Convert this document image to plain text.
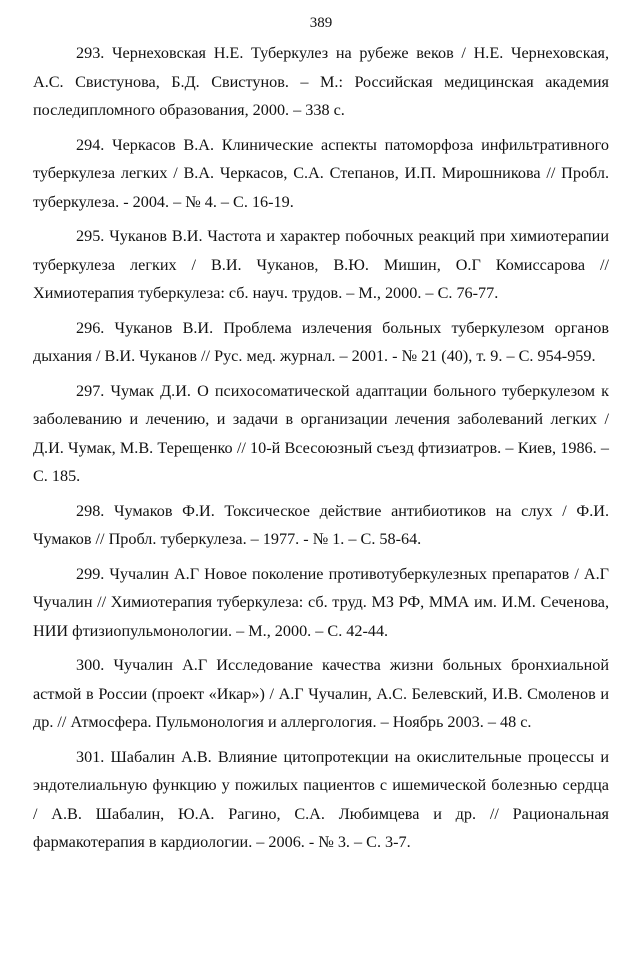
389

293. Чернеховская Н.Е. Туберкулез на рубеже веков / Н.Е. Чернеховская, А.С. Свистунова, Б.Д. Свистунов. – М.: Российская медицинская академия последипломного образования, 2000. – 338 с.

294. Черкасов В.А. Клинические аспекты патоморфоза инфильтративного туберкулеза легких / В.А. Черкасов, С.А. Степанов, И.П. Мирошникова // Пробл. туберкулеза. - 2004. – № 4. – С. 16-19.

295. Чуканов В.И. Частота и характер побочных реакций при химиотерапии туберкулеза легких / В.И. Чуканов, В.Ю. Мишин, О.Г Комиссарова // Химиотерапия туберкулеза: сб. науч. трудов. – М., 2000. – С. 76-77.

296. Чуканов В.И. Проблема излечения больных туберкулезом органов дыхания / В.И. Чуканов // Рус. мед. журнал. – 2001. - № 21 (40), т. 9. – С. 954-959.

297. Чумак Д.И. О психосоматической адаптации больного туберкулезом к заболеванию и лечению, и задачи в организации лечения заболеваний легких / Д.И. Чумак, М.В. Терещенко // 10-й Всесоюзный съезд фтизиатров. – Киев, 1986. – С. 185.

298. Чумаков Ф.И. Токсическое действие антибиотиков на слух / Ф.И. Чумаков // Пробл. туберкулеза. – 1977. - № 1. – С. 58-64.

299. Чучалин А.Г Новое поколение противотуберкулезных препаратов / А.Г Чучалин // Химиотерапия туберкулеза: сб. труд. МЗ РФ, ММА им. И.М. Сеченова, НИИ фтизиопульмонологии. – М., 2000. – С. 42-44.

300. Чучалин А.Г Исследование качества жизни больных бронхиальной астмой в России (проект «Икар») / А.Г Чучалин, А.С. Белевский, И.В. Смоленов и др. // Атмосфера. Пульмонология и аллергология. – Ноябрь 2003. – 48 с.

301. Шабалин А.В. Влияние цитопротекции на окислительные процессы и эндотелиальную функцию у пожилых пациентов с ишемической болезнью сердца / А.В. Шабалин, Ю.А. Рагино, С.А. Любимцева и др. // Рациональная фармакотерапия в кардиологии. – 2006. - № 3. – С. 3-7.
